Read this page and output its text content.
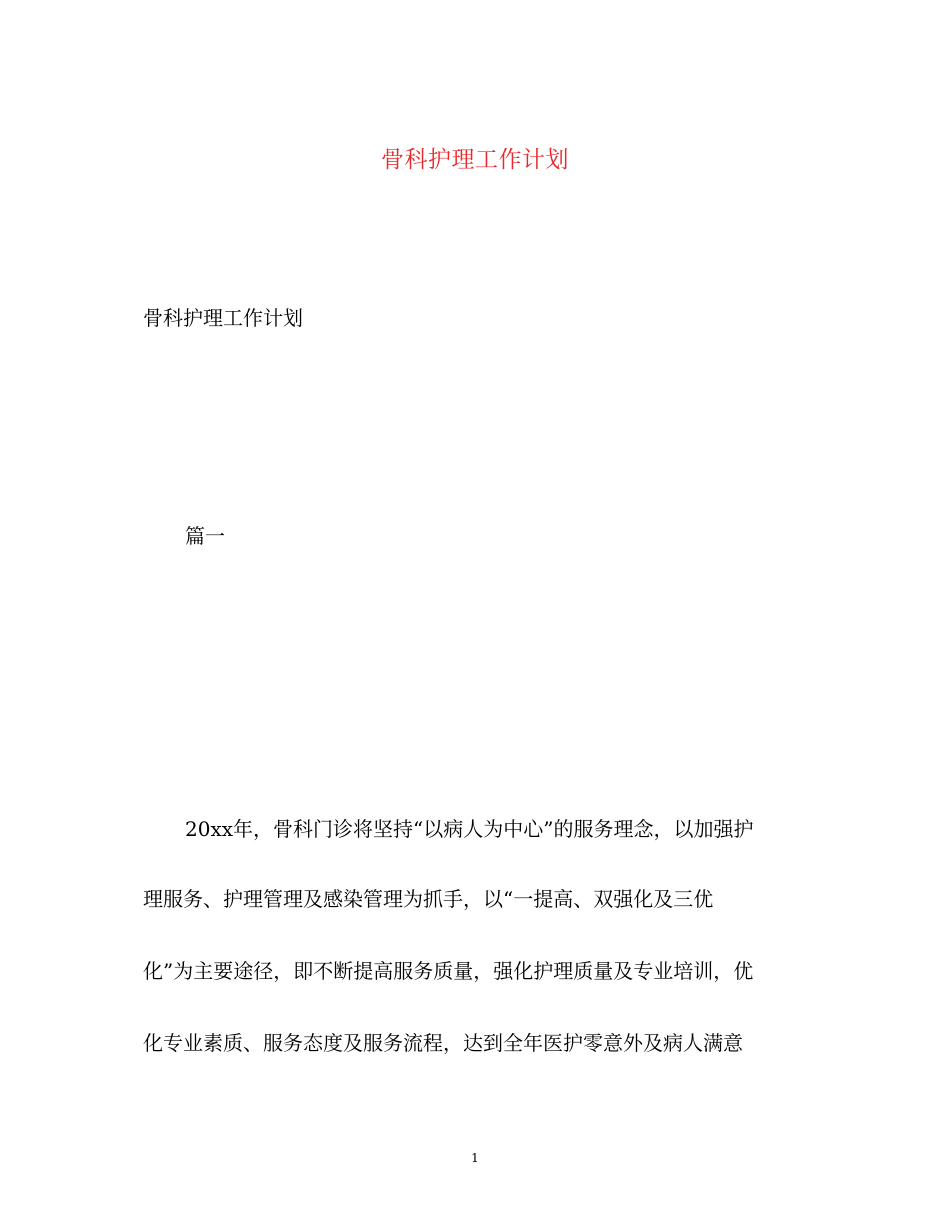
骨科护理工作计划
骨科护理工作计划
篇一
20xx年，骨科门诊将坚持“以病人为中心”的服务理念，以加强护
理服务、护理管理及感染管理为抓手，以“一提高、双强化及三优
化”为主要途径，即不断提高服务质量，强化护理质量及专业培训，优
化专业素质、服务态度及服务流程，达到全年医护零意外及病人满意
1
